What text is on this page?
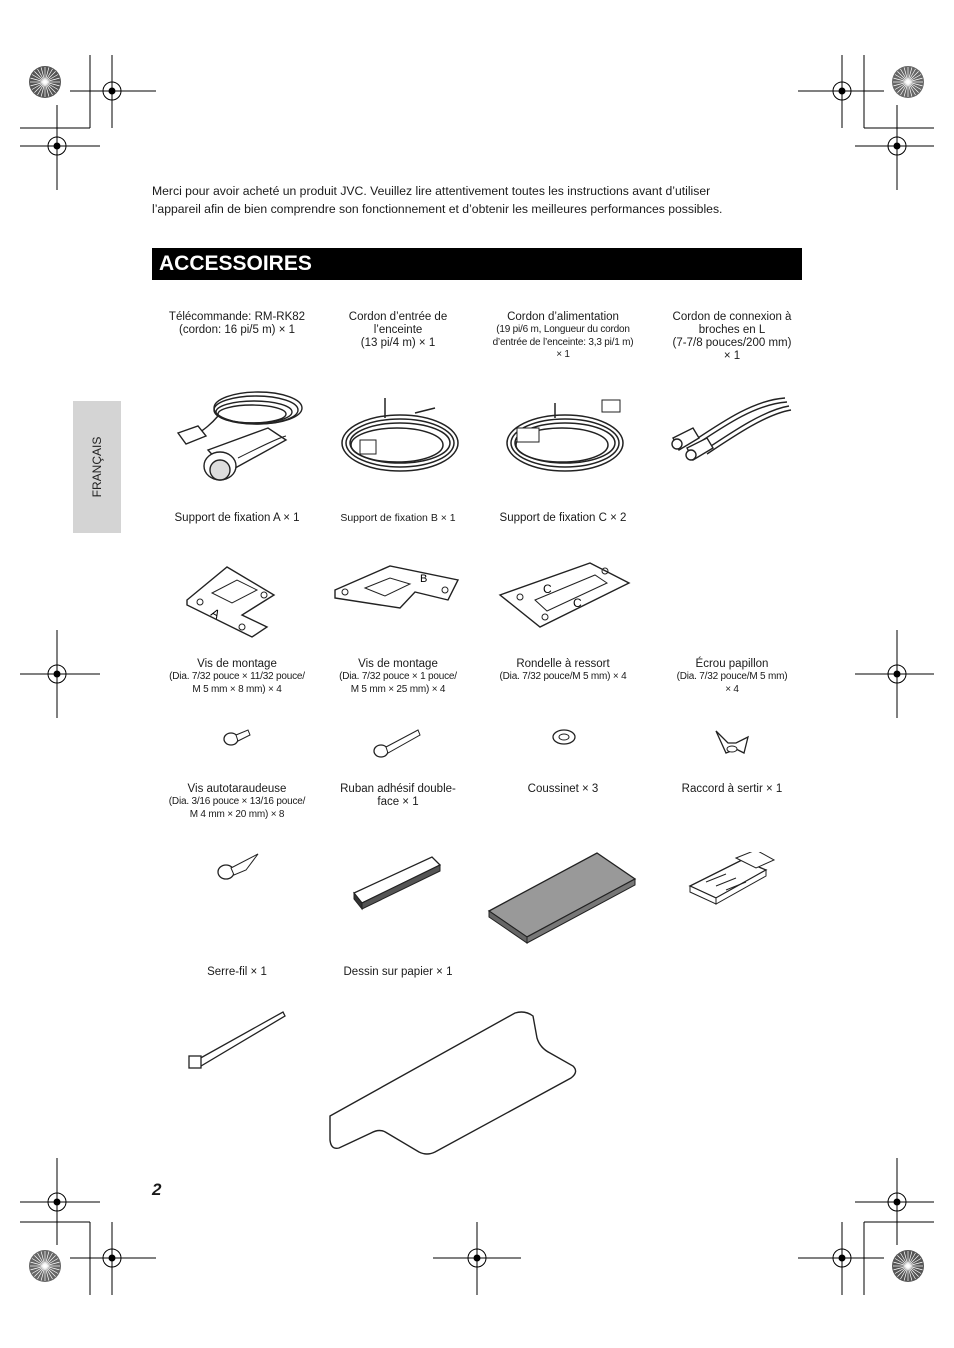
Merci pour avoir acheté un produit JVC. Veuillez lire attentivement toutes les instructions avant d’utiliser
l’appareil afin de bien comprendre son fonctionnement et d’obtenir les meilleures performances possibles.
ACCESSOIRES
FRANÇAIS
Télécommande: RM-RK82
(cordon: 16 pi/5 m) × 1
Cordon d’entrée de
l’enceinte
(13 pi/4 m) × 1
Cordon d’alimentation
(19 pi/6 m, Longueur du cordon
d’entrée de l’enceinte: 3,3 pi/1 m)
× 1
Cordon de connexion à
broches en L
(7-7/8 pouces/200 mm)
× 1
Support de fixation A × 1	Support de fixation B × 1	Support de fixation C × 2
Vis de montage
(Dia. 7/32 pouce × 11/32 pouce/
M 5 mm × 8 mm) × 4
Vis de montage
(Dia. 7/32 pouce × 1 pouce/
M 5 mm × 25 mm) × 4
Rondelle à ressort
(Dia. 7/32 pouce/M 5 mm) × 4
Écrou papillon
(Dia. 7/32 pouce/M 5 mm)
× 4
Vis autotaraudeuse
(Dia. 3/16 pouce × 13/16 pouce/
M 4 mm × 20 mm) × 8
Ruban adhésif double-
face × 1
Coussinet × 3	Raccord à sertir × 1
Serre-fil × 1	Dessin sur papier × 1
A
B
C
C
2
